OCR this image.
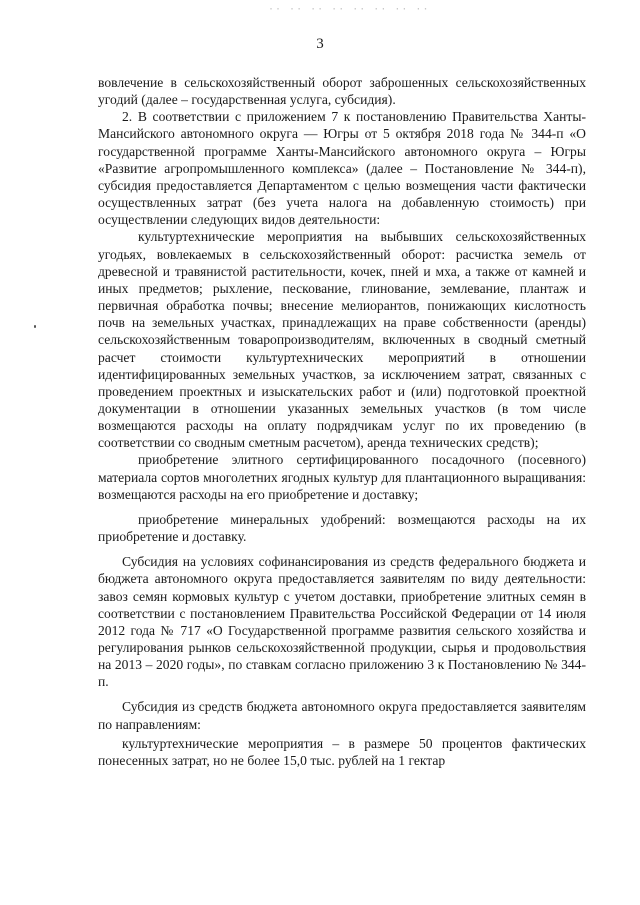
·· ·· ·· ·· ·· ·· ·· ··
3

вовлечение в сельскохозяйственный оборот заброшенных сельскохозяйственных угодий (далее – государственная услуга, субсидия).

2. В соответствии с приложением 7 к постановлению Правительства Ханты-Мансийского автономного округа — Югры от 5 октября 2018 года № 344-п «О государственной программе Ханты-Мансийского автономного округа – Югры «Развитие агропромышленного комплекса» (далее – Постановление № 344-п), субсидия предоставляется Департаментом с целью возмещения части фактически осуществленных затрат (без учета налога на добавленную стоимость) при осуществлении следующих видов деятельности:

культуртехнические мероприятия на выбывших сельскохозяйственных угодьях, вовлекаемых в сельскохозяйственный оборот: расчистка земель от древесной и травянистой растительности, кочек, пней и мха, а также от камней и иных предметов; рыхление, пескование, глинование, землевание, плантаж и первичная обработка почвы; внесение мелиорантов, понижающих кислотность почв на земельных участках, принадлежащих на праве собственности (аренды) сельскохозяйственным товаропроизводителям, включенных в сводный сметный расчет стоимости культуртехнических мероприятий в отношении идентифицированных земельных участков, за исключением затрат, связанных с проведением проектных и изыскательских работ и (или) подготовкой проектной документации в отношении указанных земельных участков (в том числе возмещаются расходы на оплату подрядчикам услуг по их проведению (в соответствии со сводным сметным расчетом), аренда технических средств);

приобретение элитного сертифицированного посадочного (посевного) материала сортов многолетних ягодных культур для плантационного выращивания: возмещаются расходы на его приобретение и доставку;

приобретение минеральных удобрений: возмещаются расходы на их приобретение и доставку.

Субсидия на условиях софинансирования из средств федерального бюджета и бюджета автономного округа предоставляется заявителям по виду деятельности: завоз семян кормовых культур с учетом доставки, приобретение элитных семян в соответствии с постановлением Правительства Российской Федерации от 14 июля 2012 года № 717 «О Государственной программе развития сельского хозяйства и регулирования рынков сельскохозяйственной продукции, сырья и продовольствия на 2013 – 2020 годы», по ставкам согласно приложению 3 к Постановлению № 344-п.

Субсидия из средств бюджета автономного округа предоставляется заявителям по направлениям:

культуртехнические мероприятия – в размере 50 процентов фактических понесенных затрат, но не более 15,0 тыс. рублей на 1 гектар
